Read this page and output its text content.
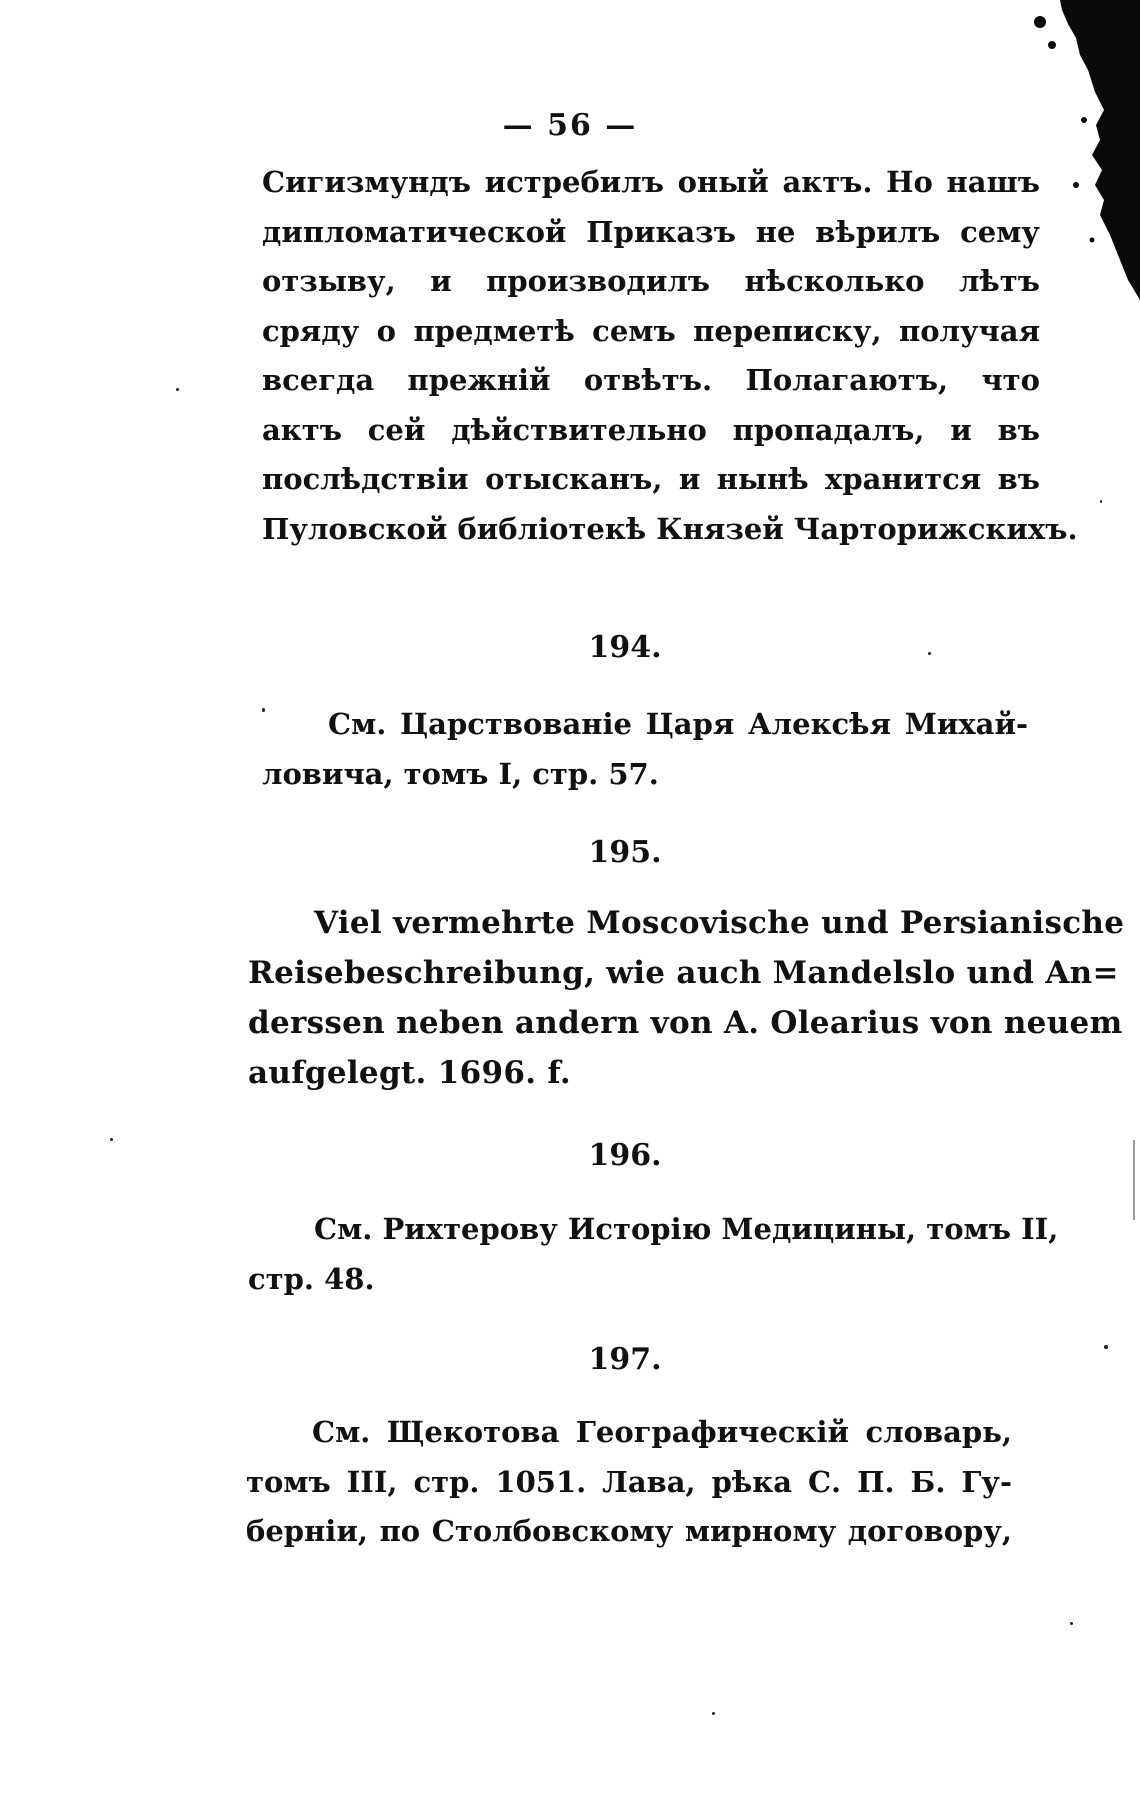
— 56 —
Сигизмундъ истребилъ оный актъ. Но нашъ
дипломатической Приказъ не вѣрилъ сему
отзыву, и производилъ нѣсколько лѣтъ
сряду о предметѣ семъ переписку, получая
всегда прежній отвѣтъ. Полагаютъ, что
актъ сей дѣйствительно пропадалъ, и въ
послѣдствіи отысканъ, и нынѣ хранится въ
Пуловской библіотекѣ Князей Чарторижскихъ.
194.
См. Царствованіе Царя Алексѣя Михай-
ловича, томъ I, стр. 57.
195.
Viel vermehrte Moscovische und Persianische
Reisebeschreibung, wie auch Mandelslo und An=
derssen neben andern von A. Olearius von neuem
aufgelegt. 1696. f.
196.
См. Рихтерову Исторію Медицины, томъ II,
стр. 48.
197.
См. Щекотова Географическій словарь,
томъ III, стр. 1051. Лава, рѣка С. П. Б. Гу-
берніи, по Столбовскому мирному договору,
